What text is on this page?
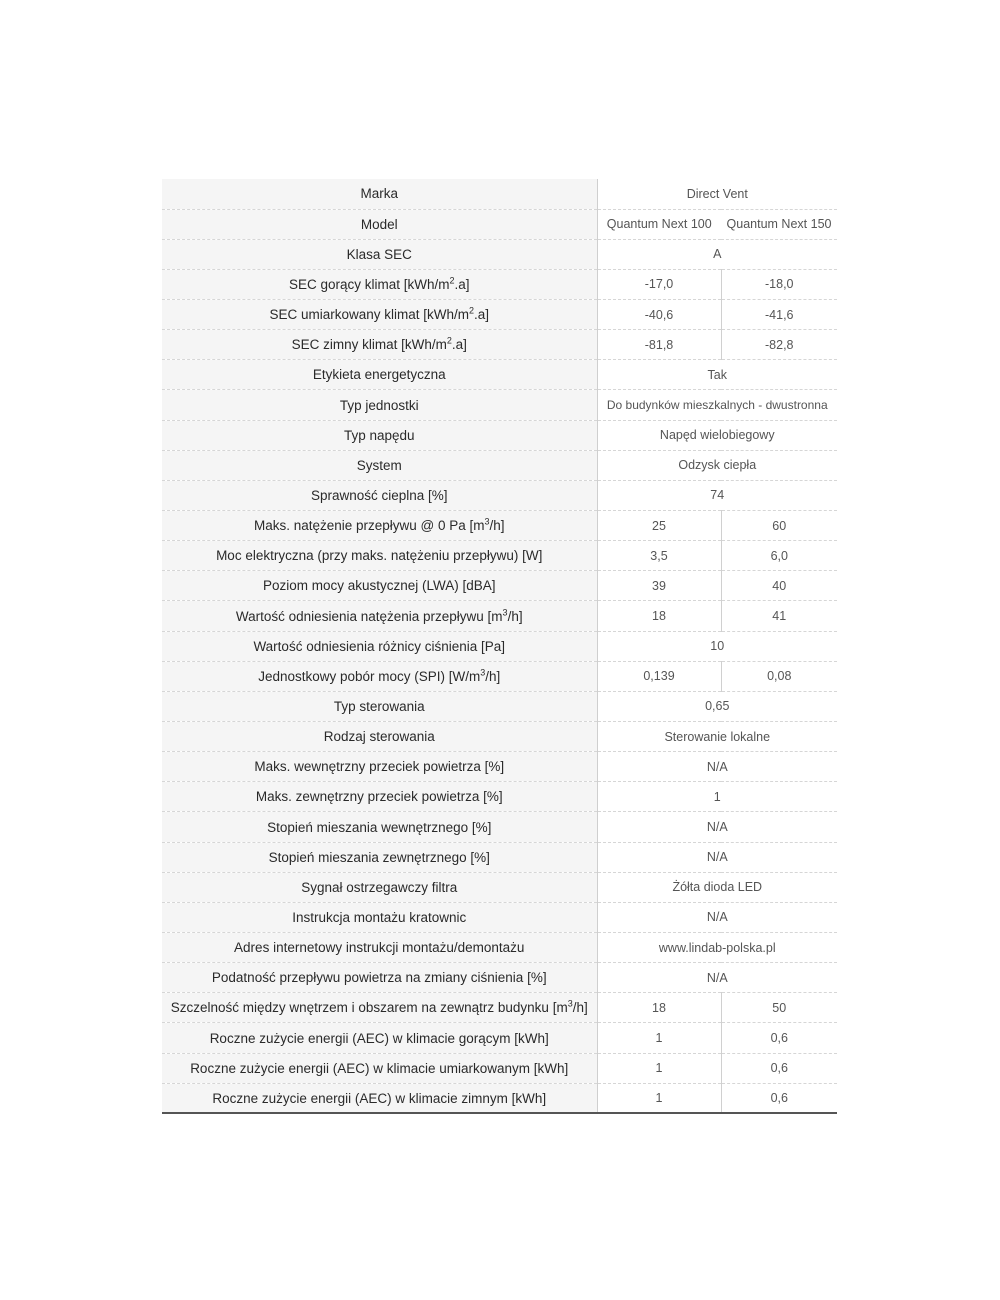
Marka	Direct Vent	
Model	Quantum Next 100	Quantum Next 150
Klasa SEC	A	
SEC gorący klimat $[kWh/m^2.a]$	-17,0	-18,0
SEC umiarkowany klimat $[kWh/m^2.a]$	-40,6	-41,6
SEC zimny klimat $[kWh/m^2.a]$	-81,8	-82,8
Etykieta energetyczna	Tak	
Typ jednostki	Do budynków mieszkalnych - dwustronna	
Typ napędu	Napęd wielobiegowy	
System	Odzysk ciepła	
Sprawność cieplna [%]	74	
Maks. natężenie przepływu @ 0 Pa $[m^3/h]$	25	60
Moc elektryczna (przy maks. natężeniu przepływu) [W]	3,5	6,0
Poziom mocy akustycznej (LWA) [dBA]	39	40
Wartość odniesienia natężenia przepływu $[m^3/h]$	18	41
Wartość odniesienia różnicy ciśnienia [Pa]	10	
Jednostkowy pobór mocy (SPI) $[W/m^3/h]$	0,139	0,08
Typ sterowania	0,65	
Rodzaj sterowania	Sterowanie lokalne	
Maks. wewnętrzny przeciek powietrza [%]	N/A	
Maks. zewnętrzny przeciek powietrza [%]	1	
Stopień mieszania wewnętrznego [%]	N/A	
Stopień mieszania zewnętrznego [%]	N/A	
Sygnał ostrzegawczy filtra	Żółta dioda LED	
Instrukcja montażu kratownic	N/A	
Adres internetowy instrukcji montażu/demontażu	www.lindab-polska.pl	
Podatność przepływu powietrza na zmiany ciśnienia [%]	N/A	
Szczelność między wnętrzem i obszarem na zewnątrz budynku $[m^3/h]$	18	50
Roczne zużycie energii (AEC) w klimacie gorącym [kWh]	1	0,6
Roczne zużycie energii (AEC) w klimacie umiarkowanym [kWh]	1	0,6
Roczne zużycie energii (AEC) w klimacie zimnym [kWh]	1	0,6
